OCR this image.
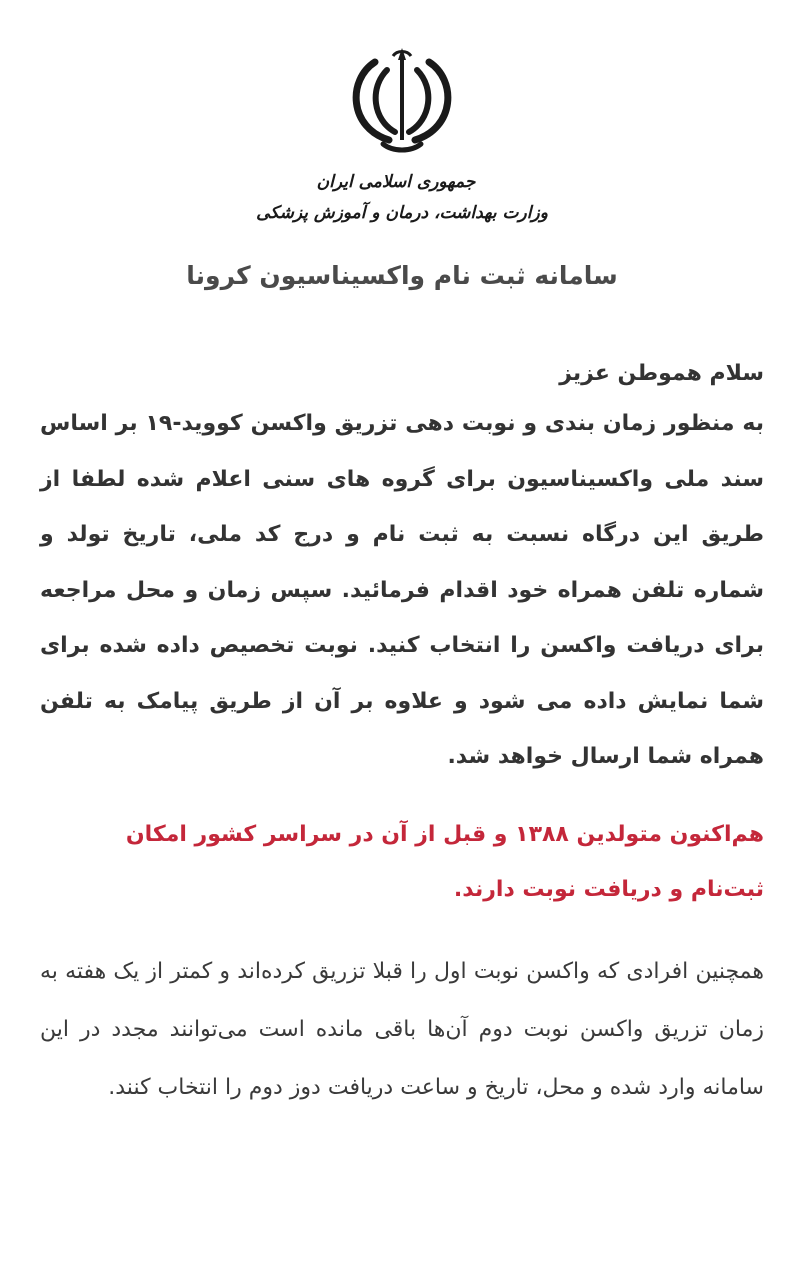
جمهوری اسلامی ایران
وزارت بهداشت، درمان و آموزش پزشکی
سامانه ثبت نام واکسیناسیون کرونا
سلام هموطن عزیز
به منظور زمان بندی و نوبت دهی تزریق واکسن کووید-۱۹ بر اساس سند ملی واکسیناسیون برای گروه های سنی اعلام شده لطفا از طریق این درگاه نسبت به ثبت نام و درج کد ملی، تاریخ تولد و شماره تلفن همراه خود اقدام فرمائید. سپس زمان و محل مراجعه برای دریافت واکسن را انتخاب کنید. نوبت تخصیص داده شده برای شما نمایش داده می شود و علاوه بر آن از طریق پیامک به تلفن همراه شما ارسال خواهد شد.
هم‌اکنون متولدین ۱۳۸۸ و قبل از آن در سراسر کشور امکان ثبت‌نام و دریافت نوبت دارند.
همچنین افرادی که واکسن نوبت اول را قبلا تزریق کرده‌اند و کمتر از یک هفته به زمان تزریق واکسن نوبت دوم آن‌ها باقی مانده است می‌توانند مجدد در این سامانه وارد شده و محل، تاریخ و ساعت دریافت دوز دوم را انتخاب کنند.
